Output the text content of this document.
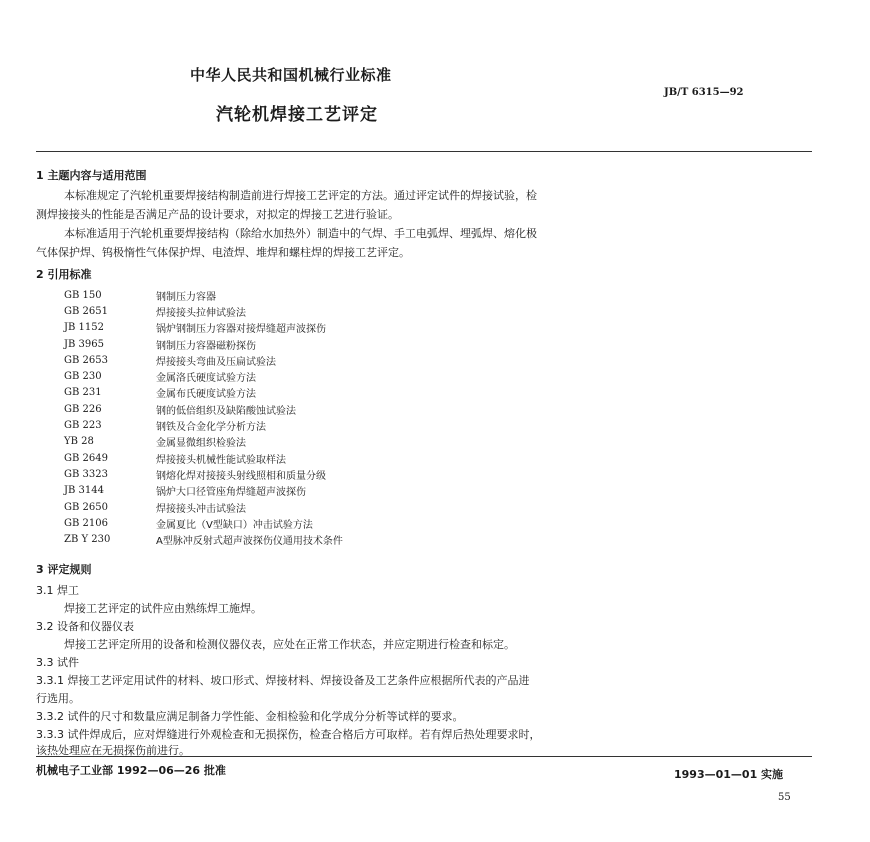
中华人民共和国机械行业标准
JB/T 6315—92
汽轮机焊接工艺评定
1 主题内容与适用范围
本标准规定了汽轮机重要焊接结构制造前进行焊接工艺评定的方法。通过评定试件的焊接试验，检
测焊接接头的性能是否满足产品的设计要求，对拟定的焊接工艺进行验证。
本标准适用于汽轮机重要焊接结构（除给水加热外）制造中的气焊、手工电弧焊、埋弧焊、熔化极
气体保护焊、钨极惰性气体保护焊、电渣焊、堆焊和螺柱焊的焊接工艺评定。
2 引用标准
GB 150	钢制压力容器
GB 2651	焊接接头拉伸试验法
JB 1152	锅炉钢制压力容器对接焊缝超声波探伤
JB 3965	钢制压力容器磁粉探伤
GB 2653	焊接接头弯曲及压扁试验法
GB 230	金属洛氏硬度试验方法
GB 231	金属布氏硬度试验方法
GB 226	钢的低倍组织及缺陷酸蚀试验法
GB 223	钢铁及合金化学分析方法
YB 28	金属显微组织检验法
GB 2649	焊接接头机械性能试验取样法
GB 3323	钢熔化焊对接接头射线照相和质量分级
JB 3144	锅炉大口径管座角焊缝超声波探伤
GB 2650	焊接接头冲击试验法
GB 2106	金属夏比（V型缺口）冲击试验方法
ZB Y 230	A型脉冲反射式超声波探伤仪通用技术条件
3 评定规则
3.1 焊工
焊接工艺评定的试件应由熟练焊工施焊。
3.2 设备和仪器仪表
焊接工艺评定所用的设备和检测仪器仪表，应处在正常工作状态，并应定期进行检查和标定。
3.3 试件
3.3.1 焊接工艺评定用试件的材料、坡口形式、焊接材料、焊接设备及工艺条件应根据所代表的产品进
行选用。
3.3.2 试件的尺寸和数量应满足制备力学性能、金相检验和化学成分分析等试样的要求。
3.3.3 试件焊成后，应对焊缝进行外观检查和无损探伤，检查合格后方可取样。若有焊后热处理要求时，
该热处理应在无损探伤前进行。
机械电子工业部 1992—06—26 批准	1993—01—01 实施
55
